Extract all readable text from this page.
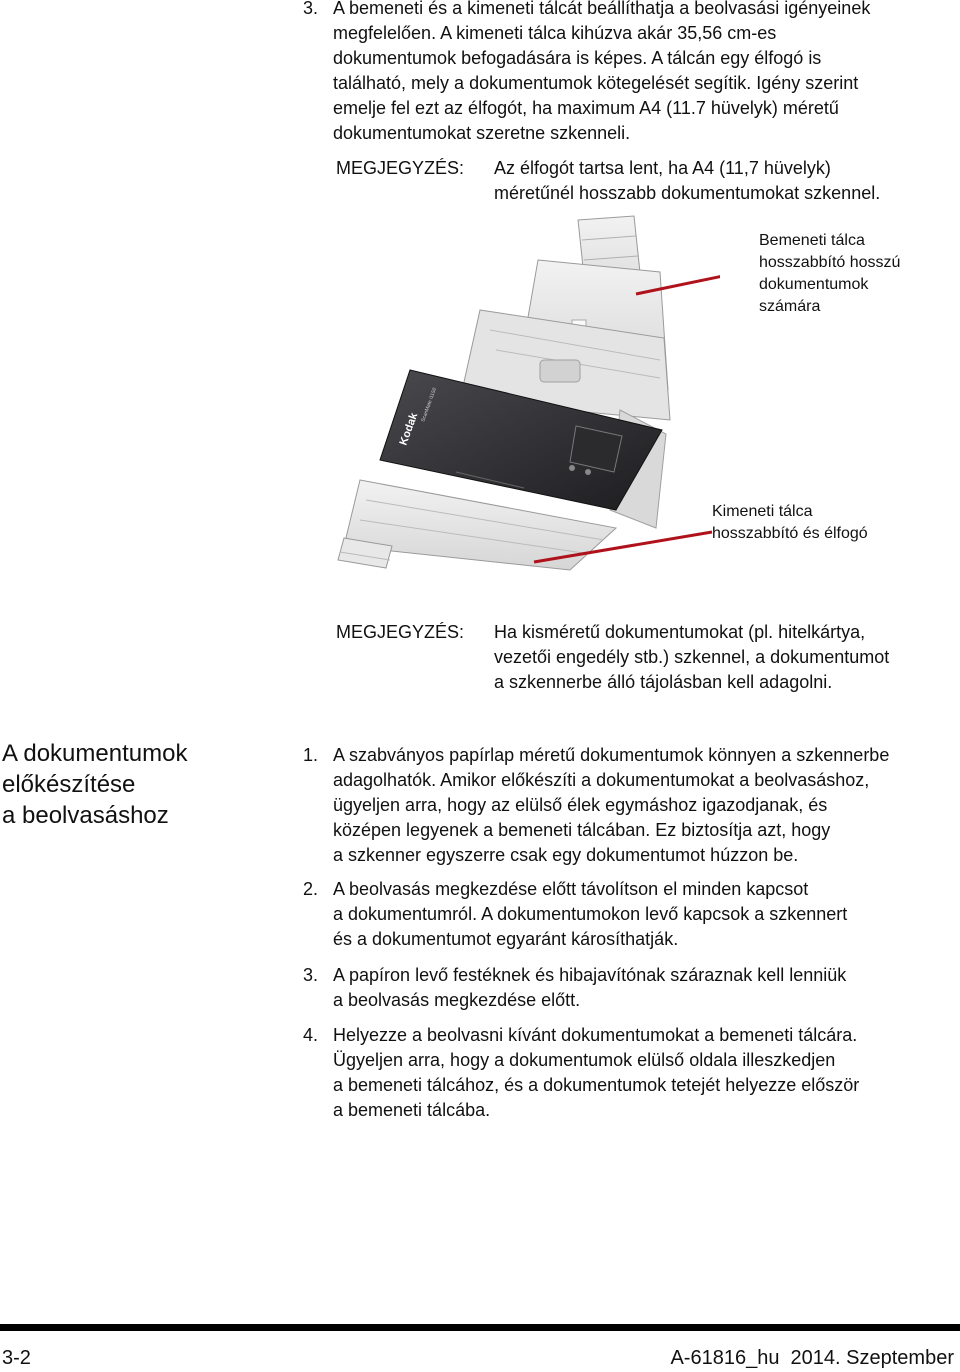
3. A bemeneti és a kimeneti tálcát beállíthatja a beolvasási igényeinek
megfelelően. A kimeneti tálca kihúzva akár 35,56 cm-es
dokumentumok befogadására is képes. A tálcán egy élfogó is
található, mely a dokumentumok kötegelését segítik. Igény szerint
emelje fel ezt az élfogót, ha maximum A4 (11.7 hüvelyk) méretű
dokumentumokat szeretne szkenneli.
MEGJEGYZÉS: Az élfogót tartsa lent, ha A4 (11,7 hüvelyk)
méretűnél hosszabb dokumentumokat szkennel.
Kodak
ScanMate i1150
Bemeneti tálca
hosszabbító hosszú
dokumentumok
számára
Kimeneti tálca
hosszabbító és élfogó
MEGJEGYZÉS: Ha kisméretű dokumentumokat (pl. hitelkártya,
vezetői engedély stb.) szkennel, a dokumentumot
a szkennerbe álló tájolásban kell adagolni.
A dokumentumok
előkészítése
a beolvasáshoz
1. A szabványos papírlap méretű dokumentumok könnyen a szkennerbe
adagolhatók. Amikor előkészíti a dokumentumokat a beolvasáshoz,
ügyeljen arra, hogy az elülső élek egymáshoz igazodjanak, és
középen legyenek a bemeneti tálcában. Ez biztosítja azt, hogy
a szkenner egyszerre csak egy dokumentumot húzzon be.
2. A beolvasás megkezdése előtt távolítson el minden kapcsot
a dokumentumról. A dokumentumokon levő kapcsok a szkennert
és a dokumentumot egyaránt károsíthatják.
3. A papíron levő festéknek és hibajavítónak száraznak kell lenniük
a beolvasás megkezdése előtt.
4. Helyezze a beolvasni kívánt dokumentumokat a bemeneti tálcára.
Ügyeljen arra, hogy a dokumentumok elülső oldala illeszkedjen
a bemeneti tálcához, és a dokumentumok tetejét helyezze először
a bemeneti tálcába.
3-2	A-61816_hu  2014. Szeptember
